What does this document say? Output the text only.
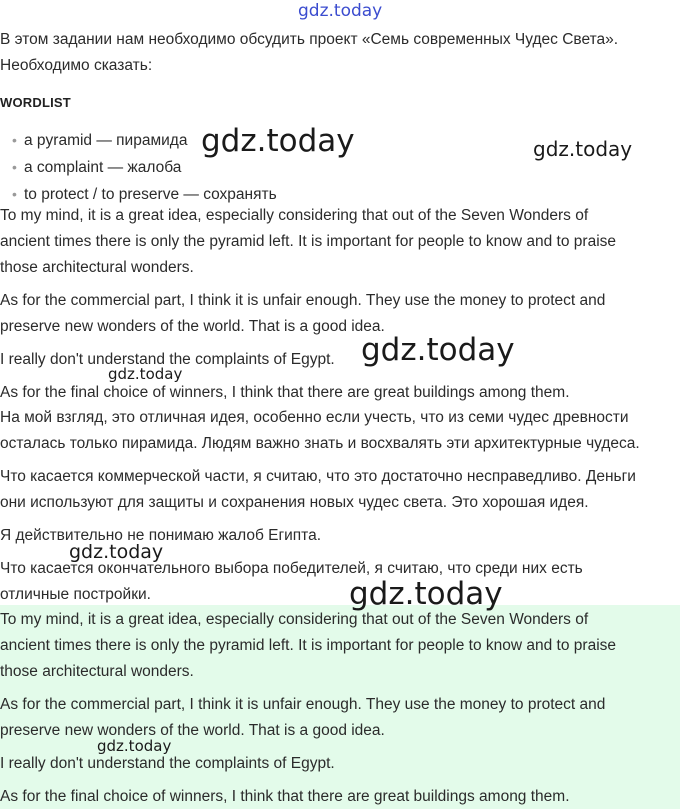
gdz.today
В этом задании нам необходимо обсудить проект «Семь современных Чудес Света».
Необходимо сказать:
WORDLIST
• a pyramid — пирамида
• a complaint — жалоба
• to protect / to preserve — сохранять
To my mind, it is a great idea, especially considering that out of the Seven Wonders of
ancient times there is only the pyramid left. It is important for people to know and to praise
those architectural wonders.
As for the commercial part, I think it is unfair enough. They use the money to protect and
preserve new wonders of the world. That is a good idea.
I really don't understand the complaints of Egypt.
As for the final choice of winners, I think that there are great buildings among them.
На мой взгляд, это отличная идея, особенно если учесть, что из семи чудес древности
осталась только пирамида. Людям важно знать и восхвалять эти архитектурные чудеса.
Что касается коммерческой части, я считаю, что это достаточно несправедливо. Деньги
они используют для защиты и сохранения новых чудес света. Это хорошая идея.
Я действительно не понимаю жалоб Египта.
Что касается окончательного выбора победителей, я считаю, что среди них есть
отличные постройки.
To my mind, it is a great idea, especially considering that out of the Seven Wonders of
ancient times there is only the pyramid left. It is important for people to know and to praise
those architectural wonders.
As for the commercial part, I think it is unfair enough. They use the money to protect and
preserve new wonders of the world. That is a good idea.
I really don't understand the complaints of Egypt.
As for the final choice of winners, I think that there are great buildings among them.
gdz.today	gdz.today
gdz.today
gdz.today
gdz.today
gdz.today
gdz.today
